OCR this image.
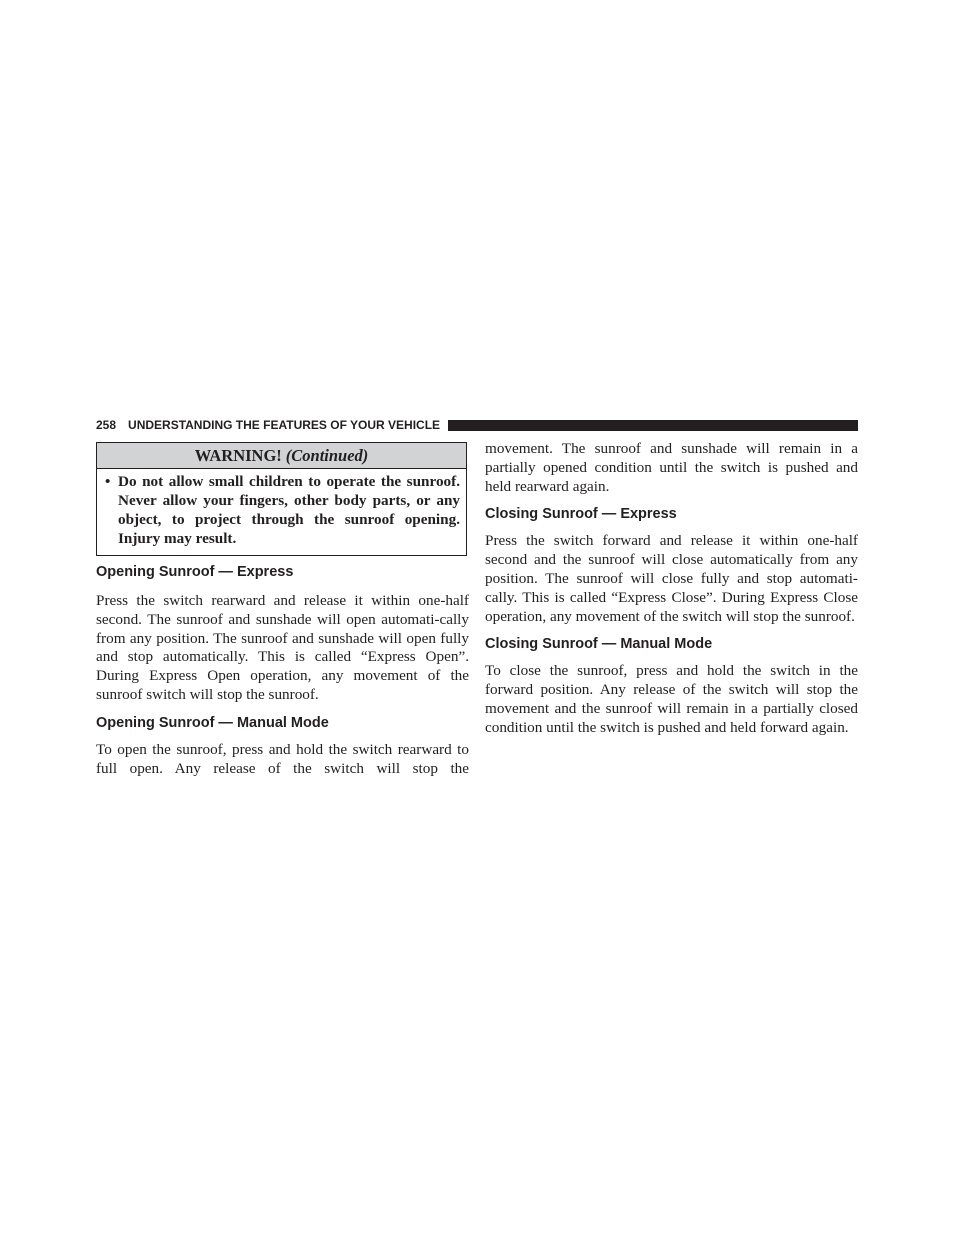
258 UNDERSTANDING THE FEATURES OF YOUR VEHICLE
WARNING! (Continued)
• Do not allow small children to operate the sunroof. Never allow your fingers, other body parts, or any object, to project through the sunroof opening. Injury may result.
Opening Sunroof — Express

Press the switch rearward and release it within one-half second. The sunroof and sunshade will open automati-cally from any position. The sunroof and sunshade will open fully and stop automatically. This is called “Express Open”. During Express Open operation, any movement of the sunroof switch will stop the sunroof.

Opening Sunroof — Manual Mode

To open the sunroof, press and hold the switch rearward to full open. Any release of the switch will stop the

movement. The sunroof and sunshade will remain in a partially opened condition until the switch is pushed and held rearward again.

Closing Sunroof — Express

Press the switch forward and release it within one-half second and the sunroof will close automatically from any position. The sunroof will close fully and stop automati-cally. This is called “Express Close”. During Express Close operation, any movement of the switch will stop the sunroof.

Closing Sunroof — Manual Mode

To close the sunroof, press and hold the switch in the forward position. Any release of the switch will stop the movement and the sunroof will remain in a partially closed condition until the switch is pushed and held forward again.
